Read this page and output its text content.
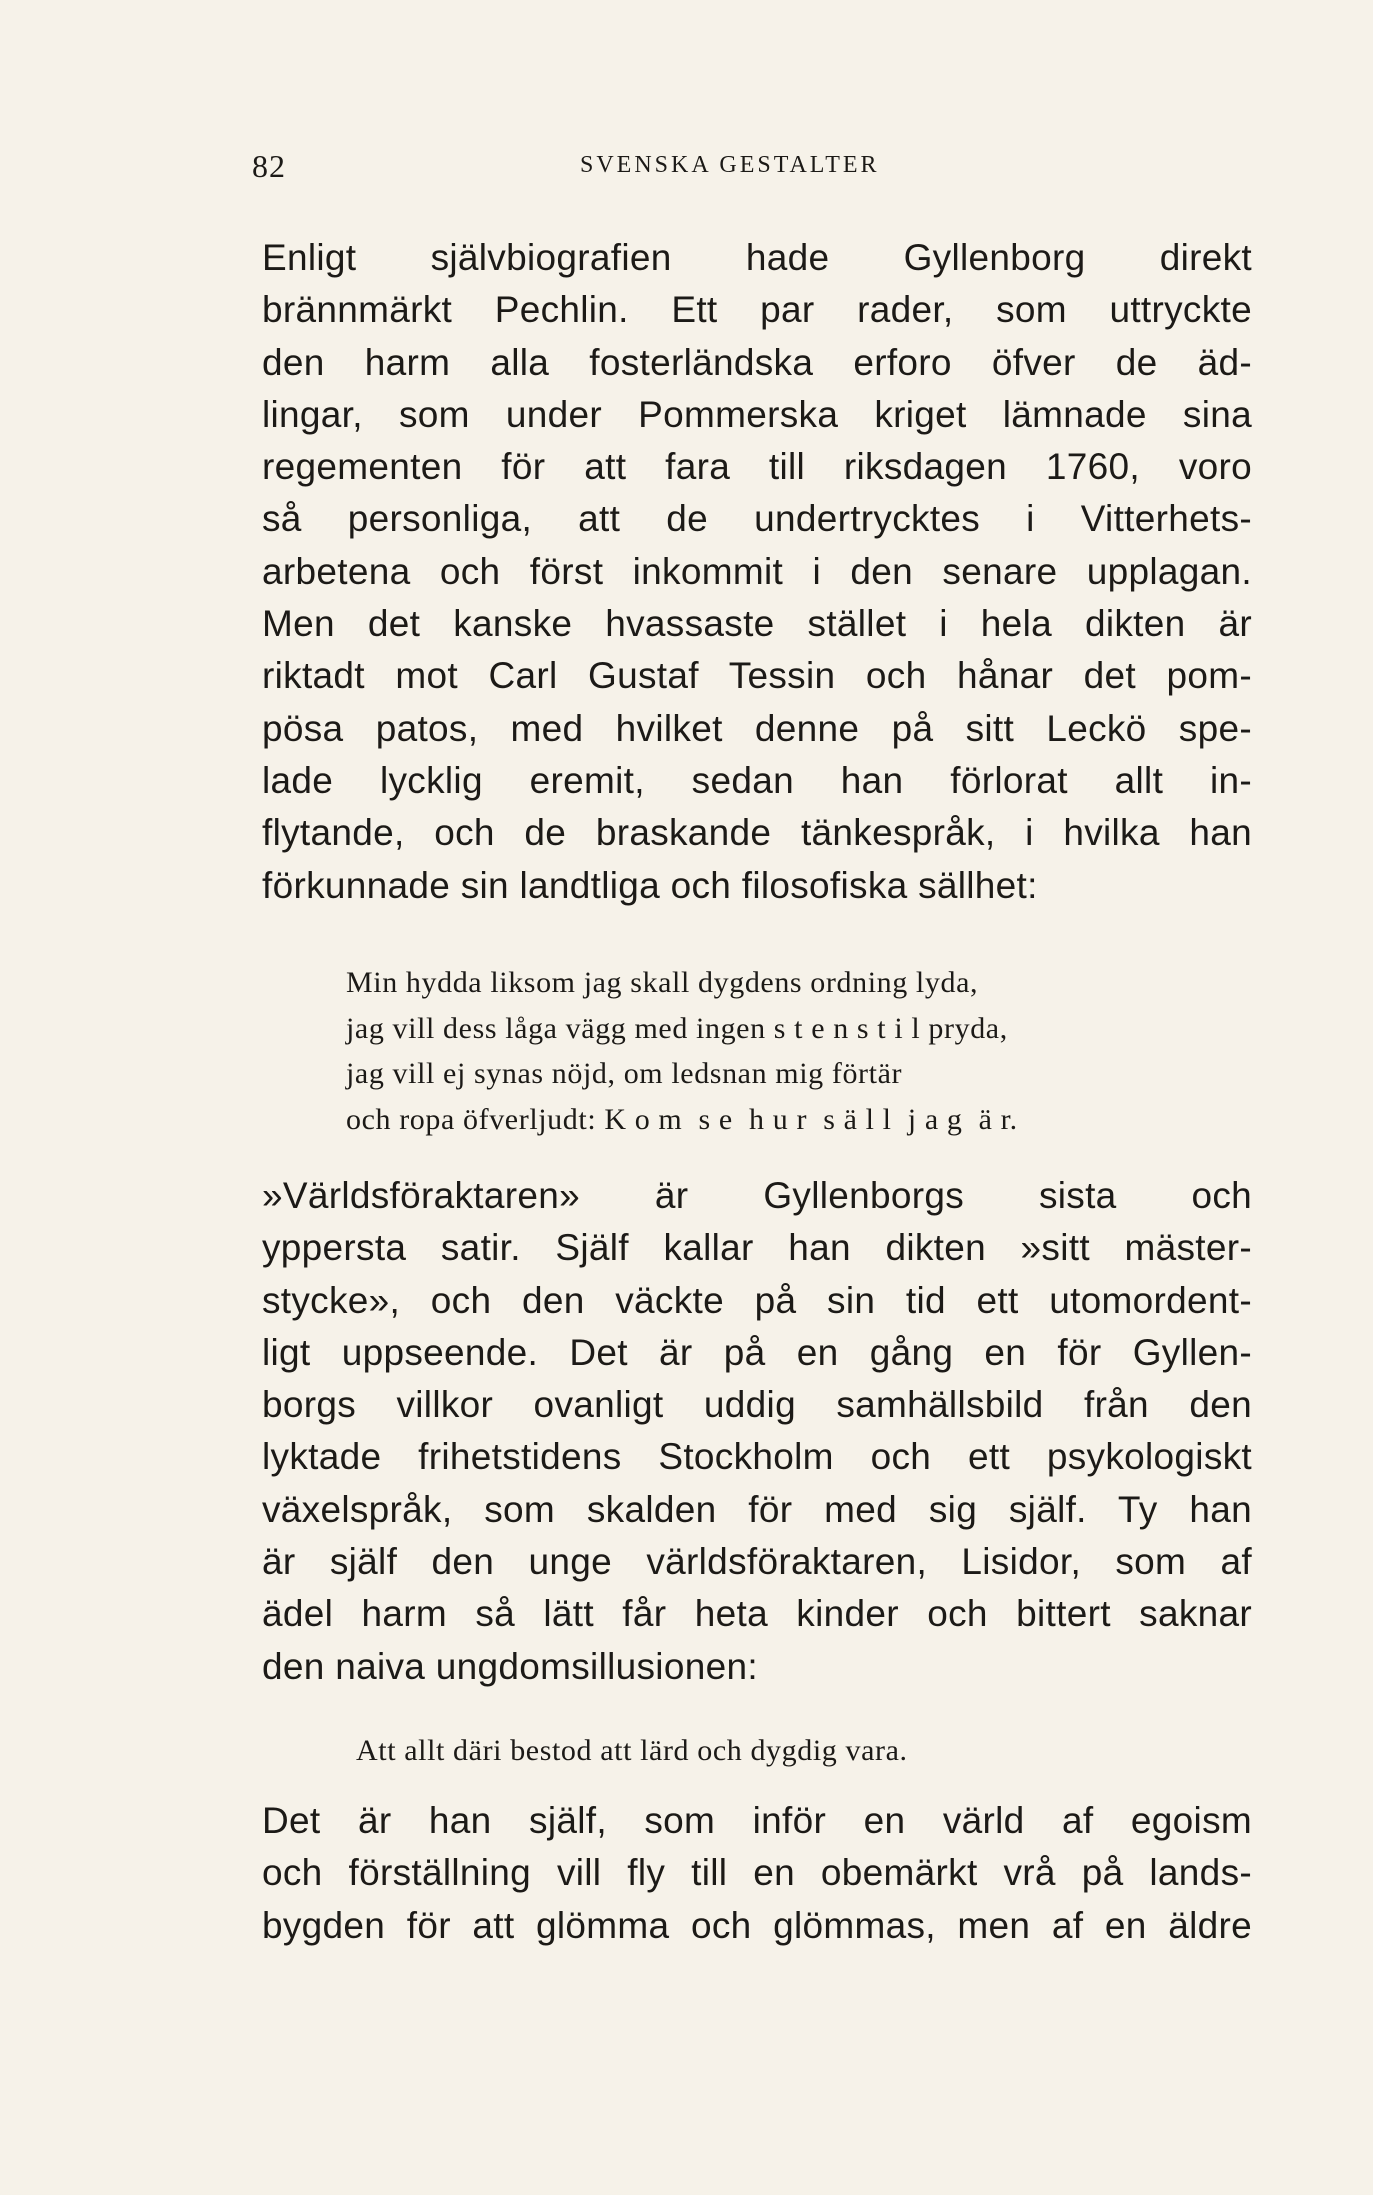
82	SVENSKA GESTALTER
Enligt självbiografien hade Gyllenborg direkt
brännmärkt Pechlin. Ett par rader, som uttryckte
den harm alla fosterländska erforo öfver de äd-
lingar, som under Pommerska kriget lämnade sina
regementen för att fara till riksdagen 1760, voro
så personliga, att de undertrycktes i Vitterhets-
arbetena och först inkommit i den senare upplagan.
Men det kanske hvassaste stället i hela dikten är
riktadt mot Carl Gustaf Tessin och hånar det pom-
pösa patos, med hvilket denne på sitt Leckö spe-
lade lycklig eremit, sedan han förlorat allt in-
flytande, och de braskande tänkespråk, i hvilka han
förkunnade sin landtliga och filosofiska sällhet:
Min hydda liksom jag skall dygdens ordning lyda,
jag vill dess låga vägg med ingen s t e n s t i l pryda,
jag vill ej synas nöjd, om ledsnan mig förtär
och ropa öfverljudt: K o m  s e  h u r  s ä l l  j a g  ä r.
»Världsföraktaren» är Gyllenborgs sista och
yppersta satir. Själf kallar han dikten »sitt mäster-
stycke», och den väckte på sin tid ett utomordent-
ligt uppseende. Det är på en gång en för Gyllen-
borgs villkor ovanligt uddig samhällsbild från den
lyktade frihetstidens Stockholm och ett psykologiskt
växelspråk, som skalden för med sig själf. Ty han
är själf den unge världsföraktaren, Lisidor, som af
ädel harm så lätt får heta kinder och bittert saknar
den naiva ungdomsillusionen:
Att allt däri bestod att lärd och dygdig vara.
Det är han själf, som inför en värld af egoism
och förställning vill fly till en obemärkt vrå på lands-
bygden för att glömma och glömmas, men af en äldre
